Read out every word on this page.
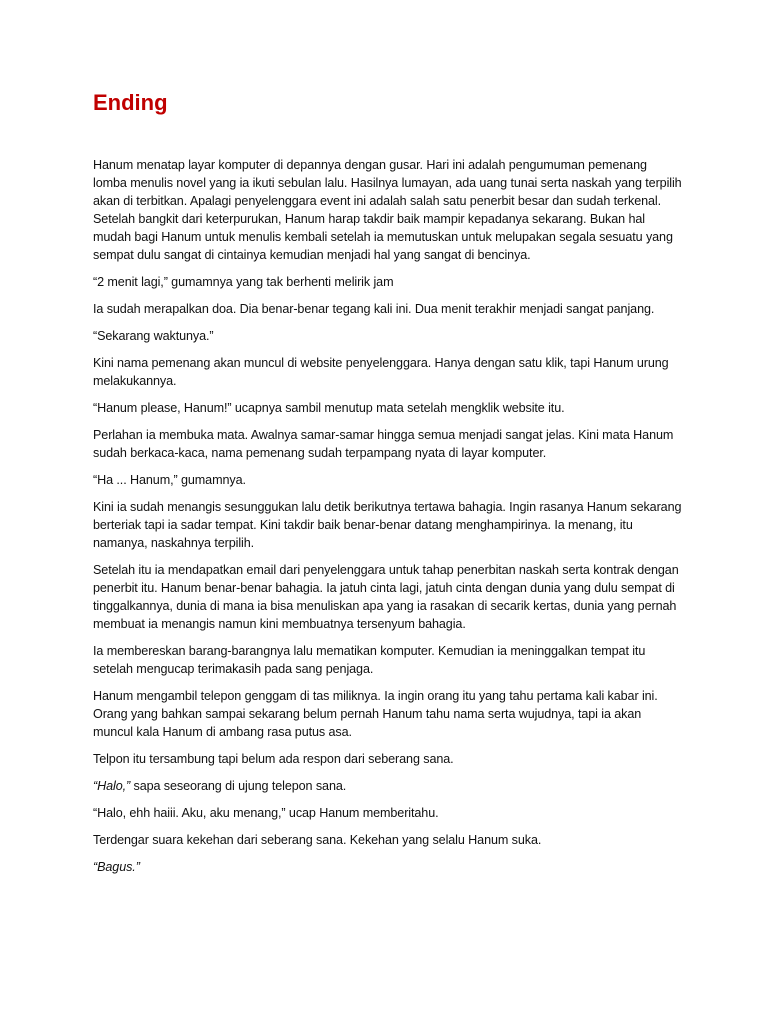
Ending

Hanum menatap layar komputer di depannya dengan gusar. Hari ini adalah pengumuman pemenang lomba menulis novel yang ia ikuti sebulan lalu. Hasilnya lumayan, ada uang tunai serta naskah yang terpilih akan di terbitkan. Apalagi penyelenggara event ini adalah salah satu penerbit besar dan sudah terkenal. Setelah bangkit dari keterpurukan, Hanum harap takdir baik mampir kepadanya sekarang. Bukan hal mudah bagi Hanum untuk menulis kembali setelah ia memutuskan untuk melupakan segala sesuatu yang sempat dulu sangat di cintainya kemudian menjadi hal yang sangat di bencinya.

“2 menit lagi,” gumamnya yang tak berhenti melirik jam

Ia sudah merapalkan doa. Dia benar-benar tegang kali ini. Dua menit terakhir menjadi sangat panjang.

“Sekarang waktunya.”

Kini nama pemenang akan muncul di website penyelenggara. Hanya dengan satu klik, tapi Hanum urung melakukannya.

“Hanum please, Hanum!” ucapnya sambil menutup mata setelah mengklik website itu.

Perlahan ia membuka mata. Awalnya samar-samar hingga semua menjadi sangat jelas. Kini mata Hanum sudah berkaca-kaca, nama pemenang sudah terpampang nyata di layar komputer.

“Ha ... Hanum,” gumamnya.

Kini ia sudah menangis sesunggukan lalu detik berikutnya tertawa bahagia. Ingin rasanya Hanum sekarang berteriak tapi ia sadar tempat. Kini takdir baik benar-benar datang menghampirinya. Ia menang, itu namanya, naskahnya terpilih.

Setelah itu ia mendapatkan email dari penyelenggara untuk tahap penerbitan naskah serta kontrak dengan penerbit itu. Hanum benar-benar bahagia. Ia jatuh cinta lagi, jatuh cinta dengan dunia yang dulu sempat di tinggalkannya, dunia di mana ia bisa menuliskan apa yang ia rasakan di secarik kertas, dunia yang pernah membuat ia menangis namun kini membuatnya tersenyum bahagia.

Ia membereskan barang-barangnya lalu mematikan komputer. Kemudian ia meninggalkan tempat itu setelah mengucap terimakasih pada sang penjaga.

Hanum mengambil telepon genggam di tas miliknya. Ia ingin orang itu yang tahu pertama kali kabar ini. Orang yang bahkan sampai sekarang belum pernah Hanum tahu nama serta wujudnya, tapi ia akan muncul kala Hanum di ambang rasa putus asa.

Telpon itu tersambung tapi belum ada respon dari seberang sana.

“Halo,” sapa seseorang di ujung telepon sana.

“Halo, ehh haiii. Aku, aku menang,” ucap Hanum memberitahu.

Terdengar suara kekehan dari seberang sana. Kekehan yang selalu Hanum suka.

“Bagus.”
